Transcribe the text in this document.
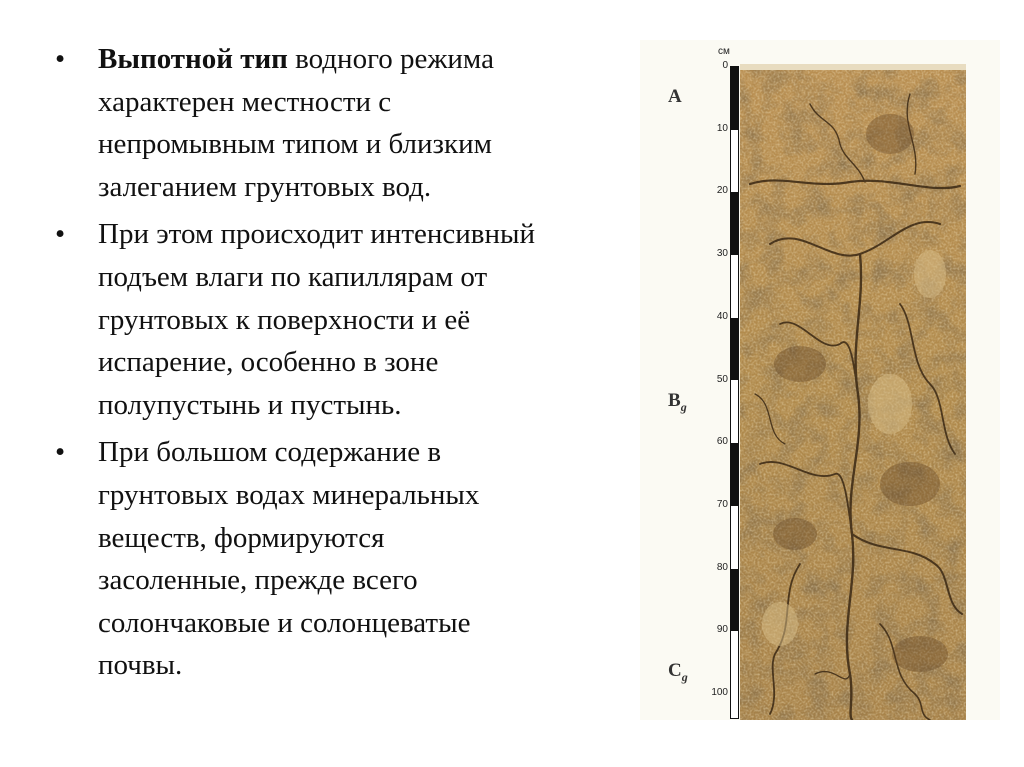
• Выпотной тип водного режима характерен местности с непромывным типом и близким залеганием грунтовых вод.
• При этом происходит интенсивный подъем влаги по капиллярам от грунтовых к поверхности и её испарение, особенно в зоне полупустынь и пустынь.
• При большом содержание в грунтовых водах минеральных веществ, формируются засоленные, прежде всего солончаковые и солонцеватые почвы.
A
$B_g$
$C_g$
см
0
10
20
30
40
50
60
70
80
90
100
